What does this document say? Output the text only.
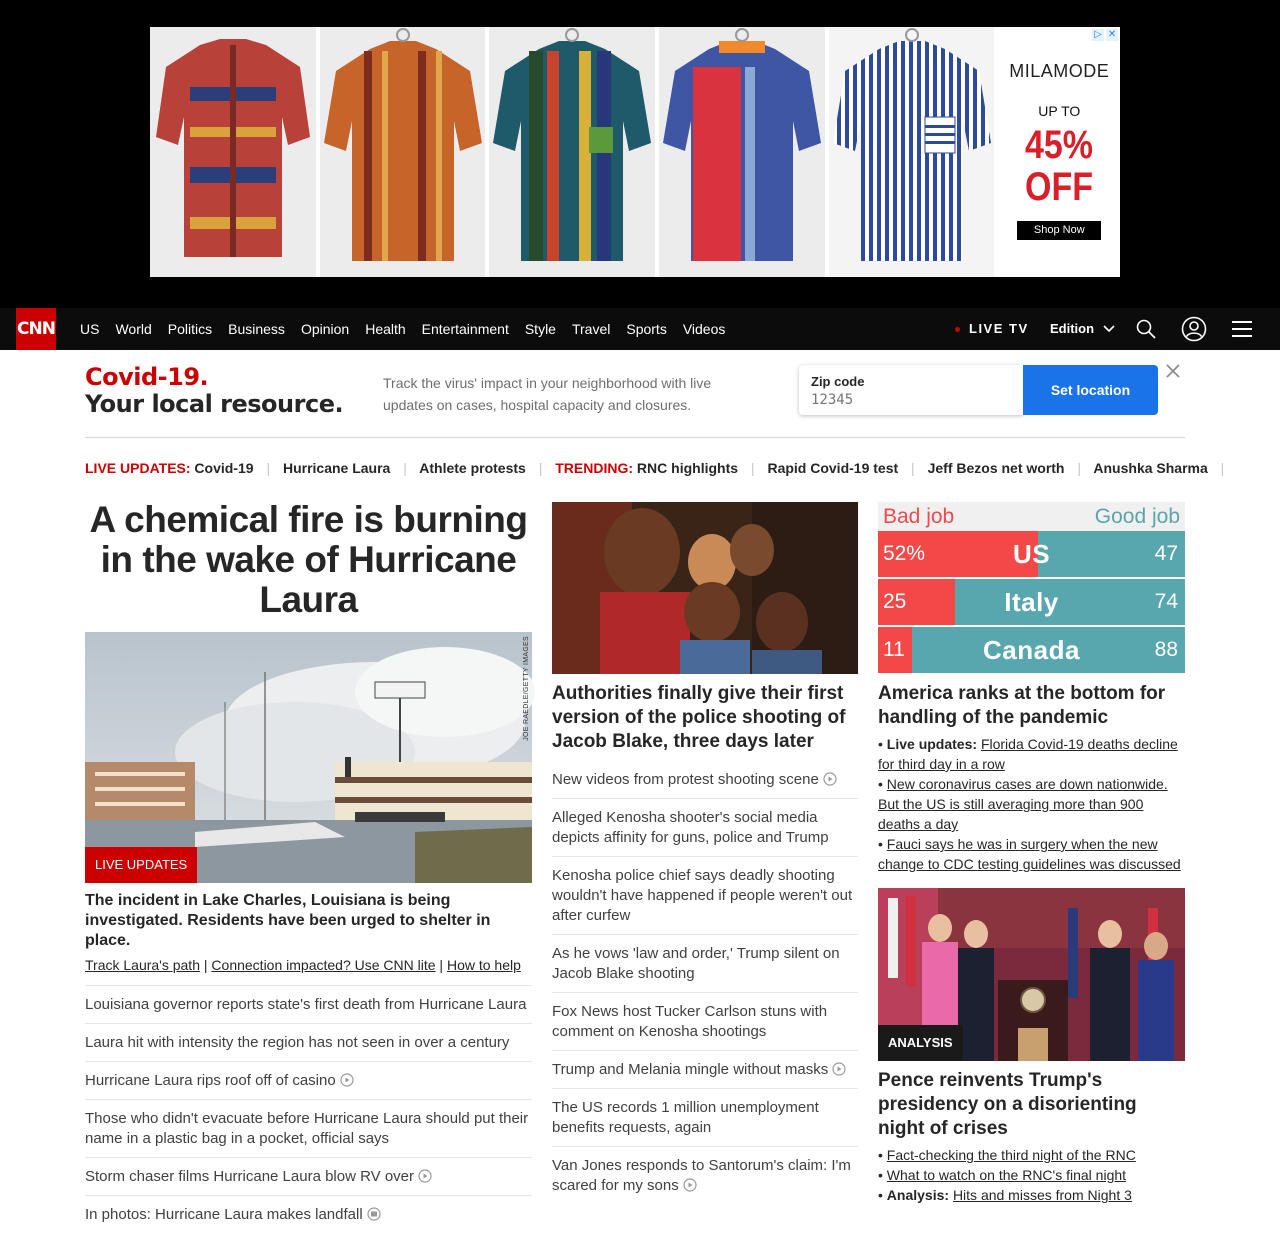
▷ ✕
MILAMODE
UP TO
45%
OFF
Shop Now
CNN US World Politics Business Opinion Health Entertainment Style Travel Sports Videos	LIVE TV Edition
Covid-19.
Your local resource.
Track the virus' impact in your neighborhood with live updates on cases, hospital capacity and closures.
Zip code
12345
Set location
LIVE UPDATES: Covid-19 | Hurricane Laura | Athlete protests | TRENDING: RNC highlights | Rapid Covid-19 test | Jeff Bezos net worth | Anushka Sharma |
A chemical fire is burning in the wake of Hurricane Laura
JOE RAEDLE/GETTY IMAGES
LIVE UPDATES
The incident in Lake Charles, Louisiana is being investigated. Residents have been urged to shelter in place.
Track Laura's path | Connection impacted? Use CNN lite | How to help
Louisiana governor reports state's first death from Hurricane Laura
Laura hit with intensity the region has not seen in over a century
Hurricane Laura rips roof off of casino
Those who didn't evacuate before Hurricane Laura should put their name in a plastic bag in a pocket, official says
Storm chaser films Hurricane Laura blow RV over
In photos: Hurricane Laura makes landfall
Authorities finally give their first version of the police shooting of Jacob Blake, three days later
New videos from protest shooting scene
Alleged Kenosha shooter's social media depicts affinity for guns, police and Trump
Kenosha police chief says deadly shooting wouldn't have happened if people weren't out after curfew
As he vows 'law and order,' Trump silent on Jacob Blake shooting
Fox News host Tucker Carlson stuns with comment on Kenosha shootings
Trump and Melania mingle without masks
The US records 1 million unemployment benefits requests, again
Van Jones responds to Santorum's claim: I'm scared for my sons
Bad job	Good job
52%	US	47
25	Italy	74
11	Canada	88
America ranks at the bottom for handling of the pandemic
• Live updates: Florida Covid-19 deaths decline for third day in a row
• New coronavirus cases are down nationwide. But the US is still averaging more than 900 deaths a day
• Fauci says he was in surgery when the new change to CDC testing guidelines was discussed
ANALYSIS
Pence reinvents Trump's presidency on a disorienting night of crises
• Fact-checking the third night of the RNC
• What to watch on the RNC's final night
• Analysis: Hits and misses from Night 3
